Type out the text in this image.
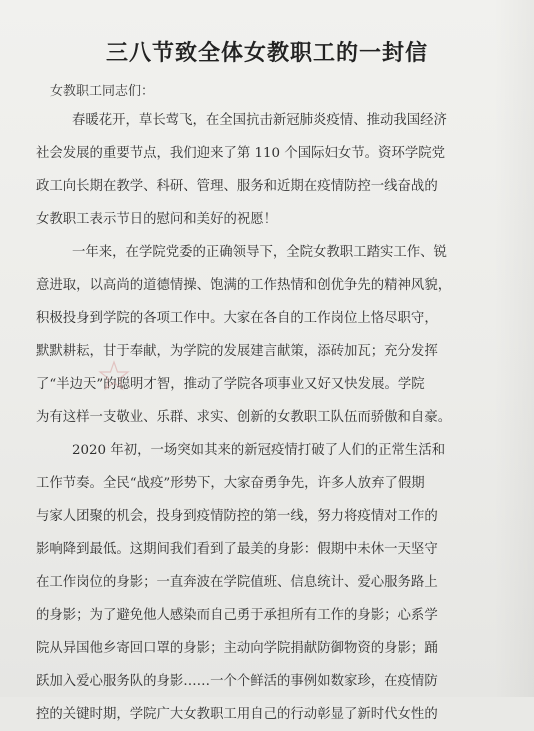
三八节致全体女教职工的一封信
女教职工同志们：
春暖花开，草长莺飞，在全国抗击新冠肺炎疫情、推动我国经济
社会发展的重要节点，我们迎来了第 110 个国际妇女节。资环学院党
政工向长期在教学、科研、管理、服务和近期在疫情防控一线奋战的
女教职工表示节日的慰问和美好的祝愿！
一年来，在学院党委的正确领导下，全院女教职工踏实工作、锐
意进取，以高尚的道德情操、饱满的工作热情和创优争先的精神风貌，
积极投身到学院的各项工作中。大家在各自的工作岗位上恪尽职守，
默默耕耘，甘于奉献，为学院的发展建言献策，添砖加瓦；充分发挥
了“半边天”的聪明才智，推动了学院各项事业又好又快发展。学院
为有这样一支敬业、乐群、求实、创新的女教职工队伍而骄傲和自豪。
2020 年初，一场突如其来的新冠疫情打破了人们的正常生活和
工作节奏。全民“战疫”形势下，大家奋勇争先，许多人放弃了假期
与家人团聚的机会，投身到疫情防控的第一线，努力将疫情对工作的
影响降到最低。这期间我们看到了最美的身影：假期中未休一天坚守
在工作岗位的身影；一直奔波在学院值班、信息统计、爱心服务路上
的身影；为了避免他人感染而自己勇于承担所有工作的身影；心系学
院从异国他乡寄回口罩的身影；主动向学院捐献防御物资的身影；踊
跃加入爱心服务队的身影……一个个鲜活的事例如数家珍，在疫情防
控的关键时期，学院广大女教职工用自己的行动彰显了新时代女性的
